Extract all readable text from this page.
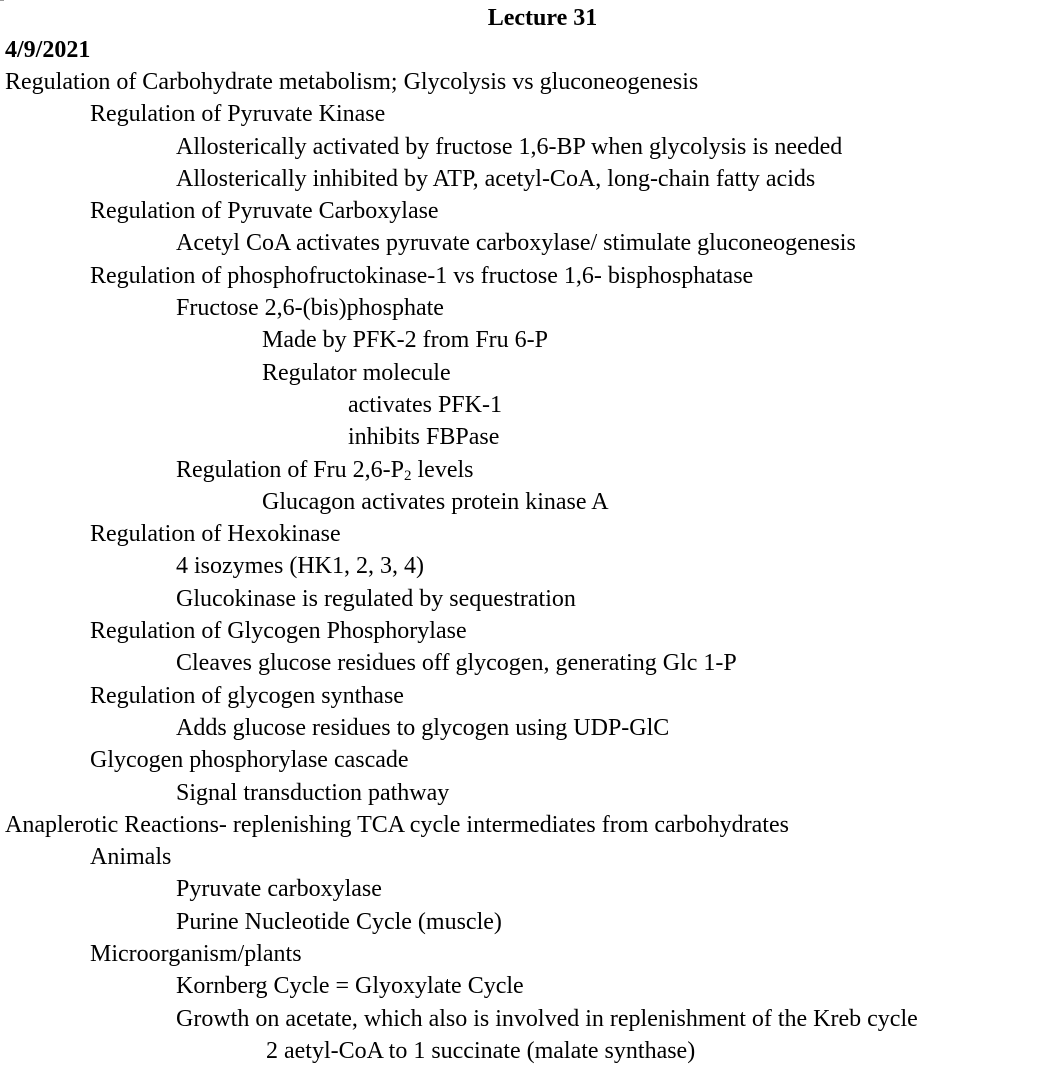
Lecture 31
4/9/2021
Regulation of Carbohydrate metabolism; Glycolysis vs gluconeogenesis
Regulation of Pyruvate Kinase
Allosterically activated by fructose 1,6-BP when glycolysis is needed
Allosterically inhibited by ATP, acetyl-CoA, long-chain fatty acids
Regulation of Pyruvate Carboxylase
Acetyl CoA activates pyruvate carboxylase/ stimulate gluconeogenesis
Regulation of phosphofructokinase-1 vs fructose 1,6- bisphosphatase
Fructose 2,6-(bis)phosphate
Made by PFK-2 from Fru 6-P
Regulator molecule
activates PFK-1
inhibits FBPase
Regulation of Fru $2,6-P_2$ levels
Glucagon activates protein kinase A
Regulation of Hexokinase
4 isozymes (HK1, 2, 3, 4)
Glucokinase is regulated by sequestration
Regulation of Glycogen Phosphorylase
Cleaves glucose residues off glycogen, generating Glc 1-P
Regulation of glycogen synthase
Adds glucose residues to glycogen using UDP-GlC
Glycogen phosphorylase cascade
Signal transduction pathway
Anaplerotic Reactions- replenishing TCA cycle intermediates from carbohydrates
Animals
Pyruvate carboxylase
Purine Nucleotide Cycle (muscle)
Microorganism/plants
Kornberg Cycle = Glyoxylate Cycle
Growth on acetate, which also is involved in replenishment of the Kreb cycle
2 aetyl-CoA to 1 succinate (malate synthase)
